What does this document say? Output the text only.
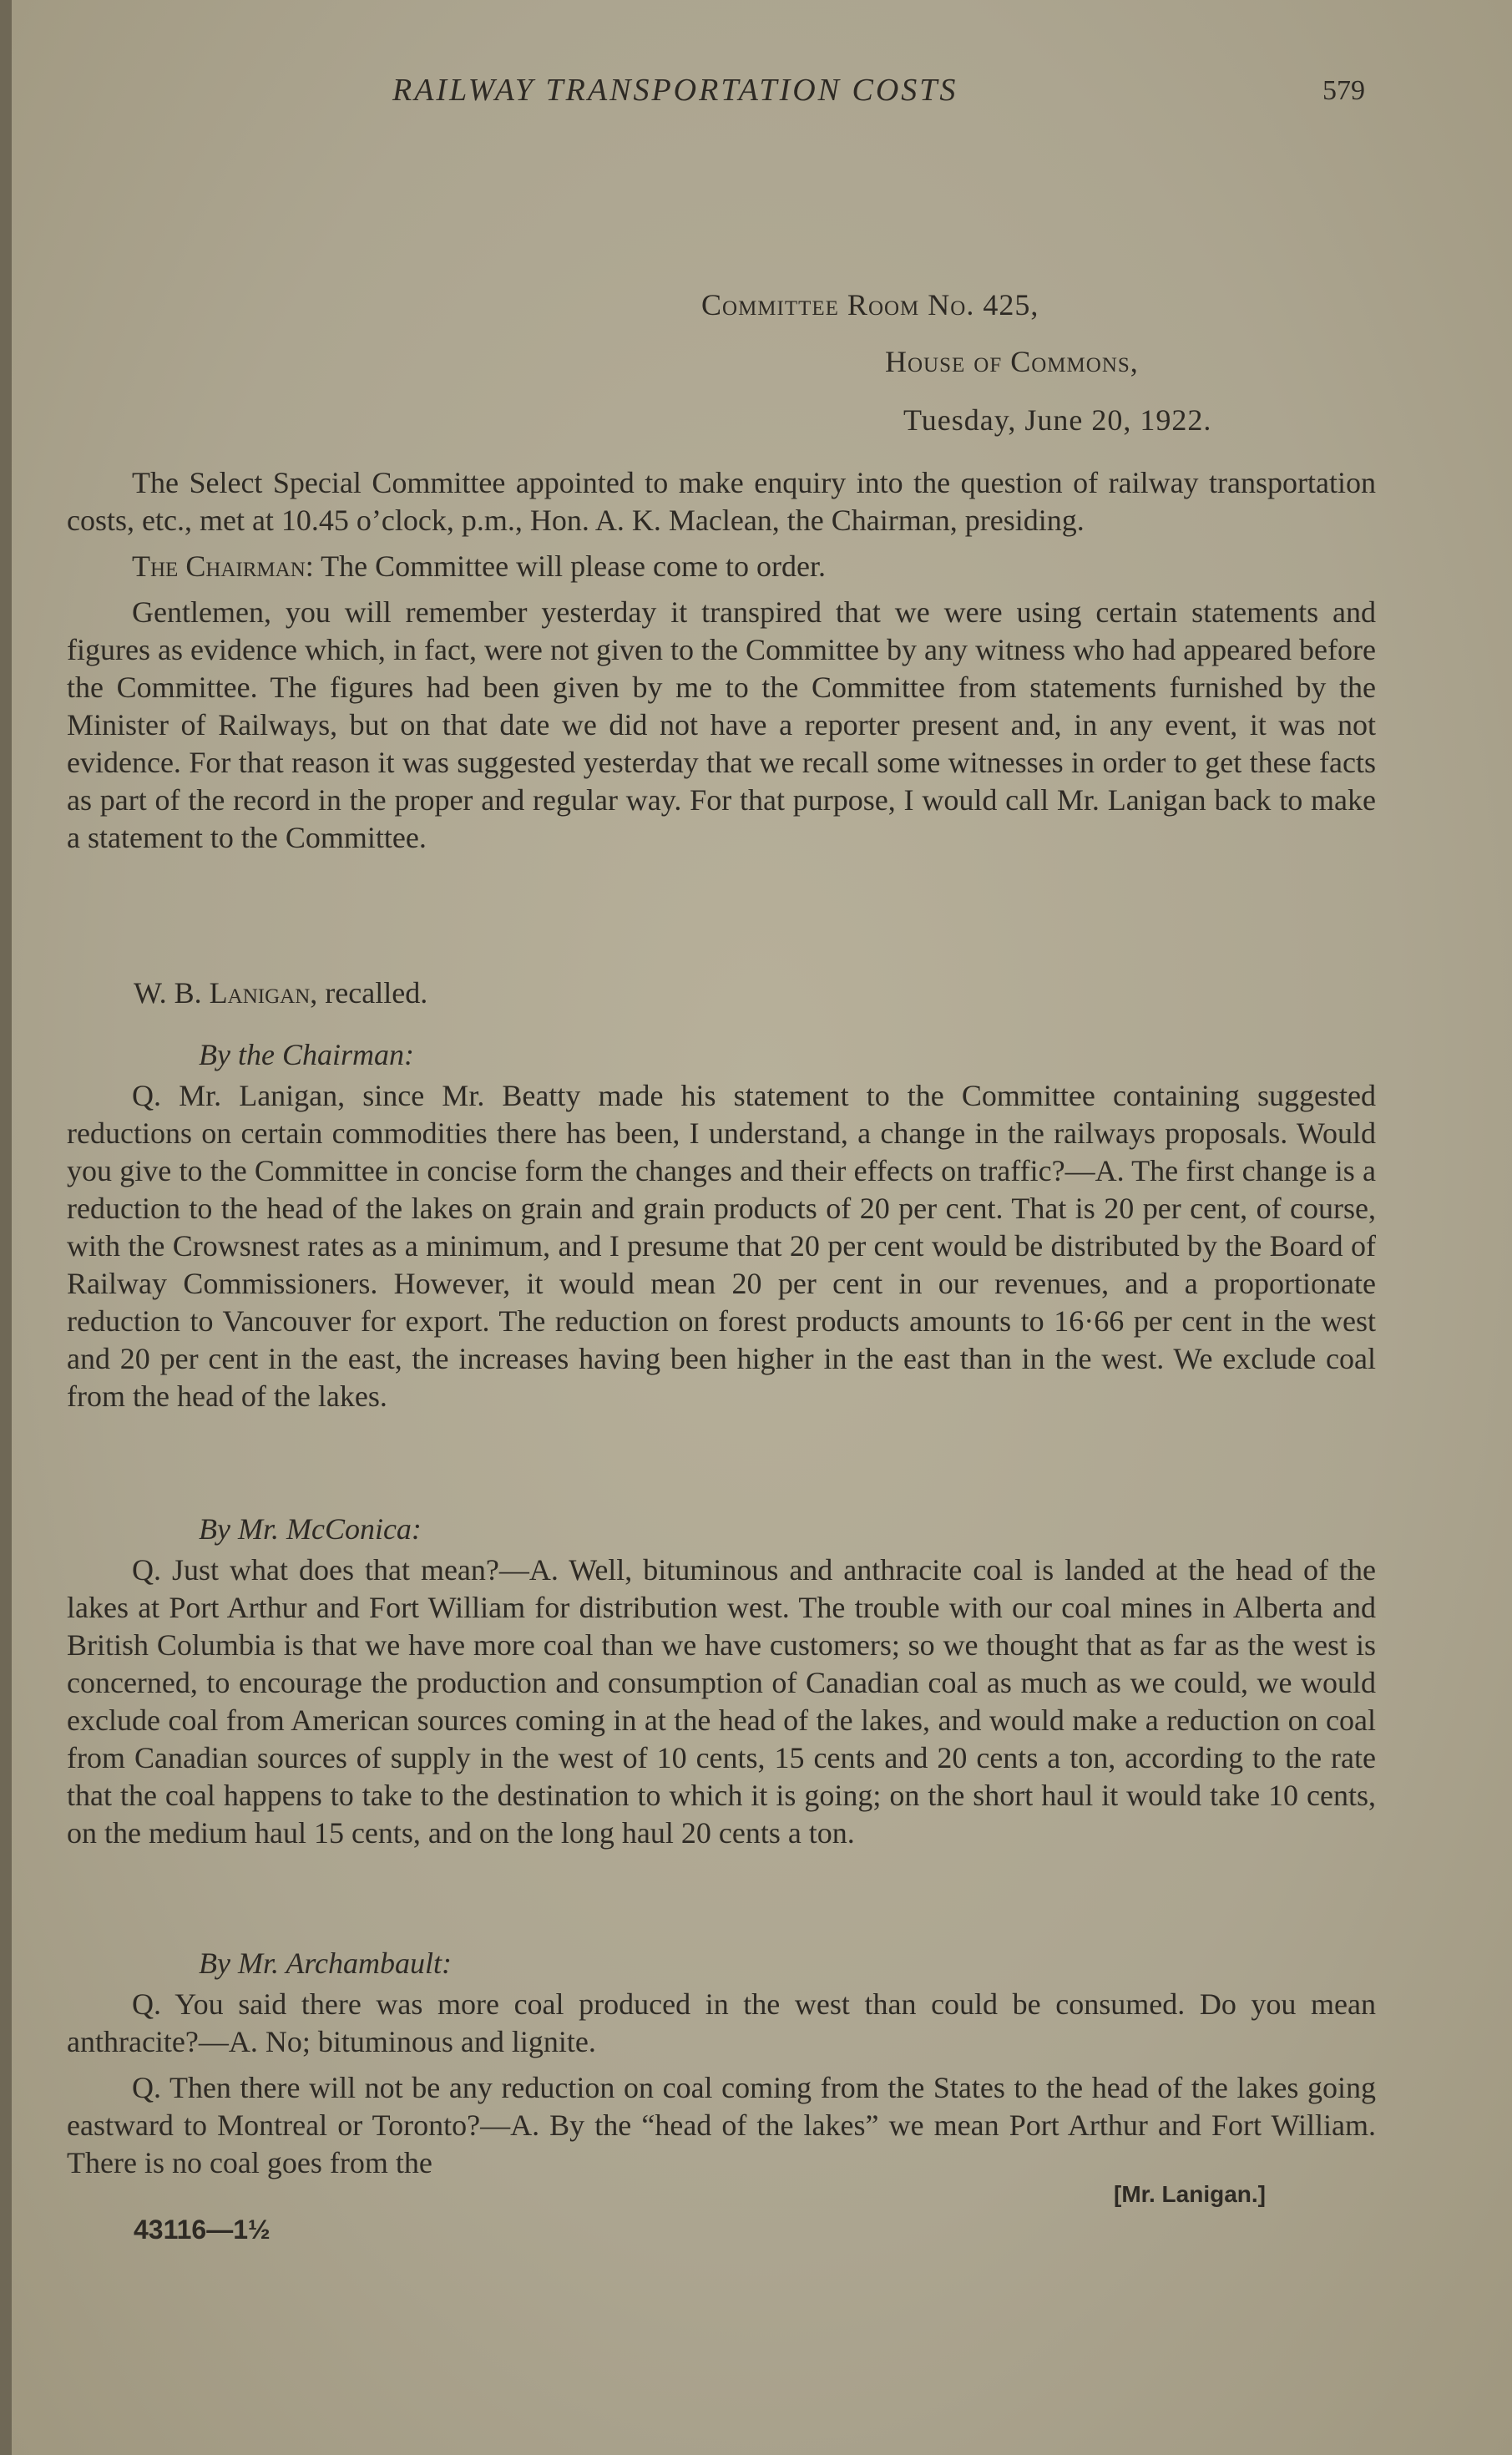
RAILWAY TRANSPORTATION COSTS	579
Committee Room No. 425,
House of Commons,
Tuesday, June 20, 1922.

The Select Special Committee appointed to make enquiry into the question of railway transportation costs, etc., met at 10.45 o’clock, p.m., Hon. A. K. Maclean, the Chairman, presiding.

The Chairman: The Committee will please come to order.

Gentlemen, you will remember yesterday it transpired that we were using certain statements and figures as evidence which, in fact, were not given to the Committee by any witness who had appeared before the Committee. The figures had been given by me to the Committee from statements furnished by the Minister of Railways, but on that date we did not have a reporter present and, in any event, it was not evidence. For that reason it was suggested yesterday that we recall some witnesses in order to get these facts as part of the record in the proper and regular way. For that purpose, I would call Mr. Lanigan back to make a statement to the Committee.

W. B. Lanigan, recalled.
By the Chairman:

Q. Mr. Lanigan, since Mr. Beatty made his statement to the Committee containing suggested reductions on certain commodities there has been, I understand, a change in the railways proposals. Would you give to the Committee in concise form the changes and their effects on traffic?—A. The first change is a reduction to the head of the lakes on grain and grain products of 20 per cent. That is 20 per cent, of course, with the Crowsnest rates as a minimum, and I presume that 20 per cent would be distributed by the Board of Railway Commissioners. However, it would mean 20 per cent in our revenues, and a proportionate reduction to Vancouver for export. The reduction on forest products amounts to 16·66 per cent in the west and 20 per cent in the east, the increases having been higher in the east than in the west. We exclude coal from the head of the lakes.

By Mr. McConica:

Q. Just what does that mean?—A. Well, bituminous and anthracite coal is landed at the head of the lakes at Port Arthur and Fort William for distribution west. The trouble with our coal mines in Alberta and British Columbia is that we have more coal than we have customers; so we thought that as far as the west is concerned, to encourage the production and consumption of Canadian coal as much as we could, we would exclude coal from American sources coming in at the head of the lakes, and would make a reduction on coal from Canadian sources of supply in the west of 10 cents, 15 cents and 20 cents a ton, according to the rate that the coal happens to take to the destination to which it is going; on the short haul it would take 10 cents, on the medium haul 15 cents, and on the long haul 20 cents a ton.

By Mr. Archambault:

Q. You said there was more coal produced in the west than could be consumed. Do you mean anthracite?—A. No; bituminous and lignite.

Q. Then there will not be any reduction on coal coming from the States to the head of the lakes going eastward to Montreal or Toronto?—A. By the “head of the lakes” we mean Port Arthur and Fort William. There is no coal goes from the

[Mr. Lanigan.]
43116—1½
